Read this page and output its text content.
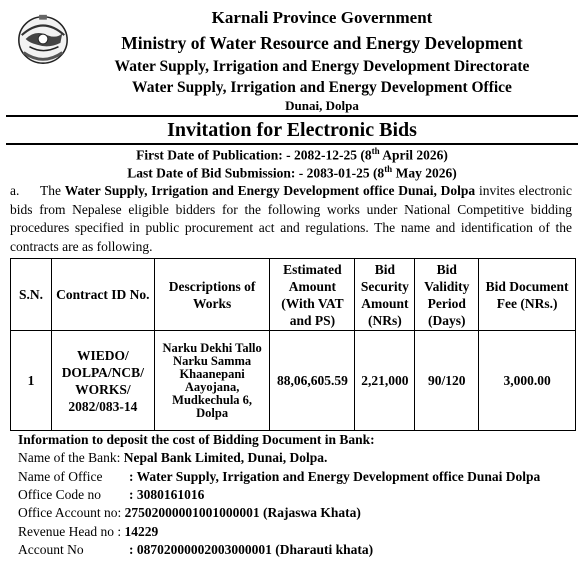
Karnali Province Government
Ministry of Water Resource and Energy Development
Water Supply, Irrigation and Energy Development Directorate
Water Supply, Irrigation and Energy Development Office
Dunai, Dolpa
Invitation for Electronic Bids
First Date of Publication: - 2082-12-25 (8th April 2026)
Last Date of Bid Submission: - 2083-01-25 (8th May 2026)
a. The Water Supply, Irrigation and Energy Development office Dunai, Dolpa invites electronic bids from Nepalese eligible bidders for the following works under National Competitive bidding procedures specified in public procurement act and regulations. The name and identification of the contracts are as following.
S.N.	Contract ID No.	Descriptions of Works	Estimated Amount (With VAT and PS)	Bid Security Amount (NRs)	Bid Validity Period (Days)	Bid Document Fee (NRs.)
1	WIEDO/ DOLPA/NCB/ WORKS/ 2082/083-14	Narku Dekhi Tallo Narku Samma Khaanepani Aayojana, Mudkechula 6, Dolpa	88,06,605.59	2,21,000	90/120	3,000.00
Information to deposit the cost of Bidding Document in Bank:
Name of the Bank: Nepal Bank Limited, Dunai, Dolpa.
Name of Office : Water Supply, Irrigation and Energy Development office Dunai Dolpa
Office Code no : 3080161016
Office Account no: 27502000001001000001 (Rajaswa Khata)
Revenue Head no : 14229
Account No	: 08702000002003000001 (Dharauti khata)
